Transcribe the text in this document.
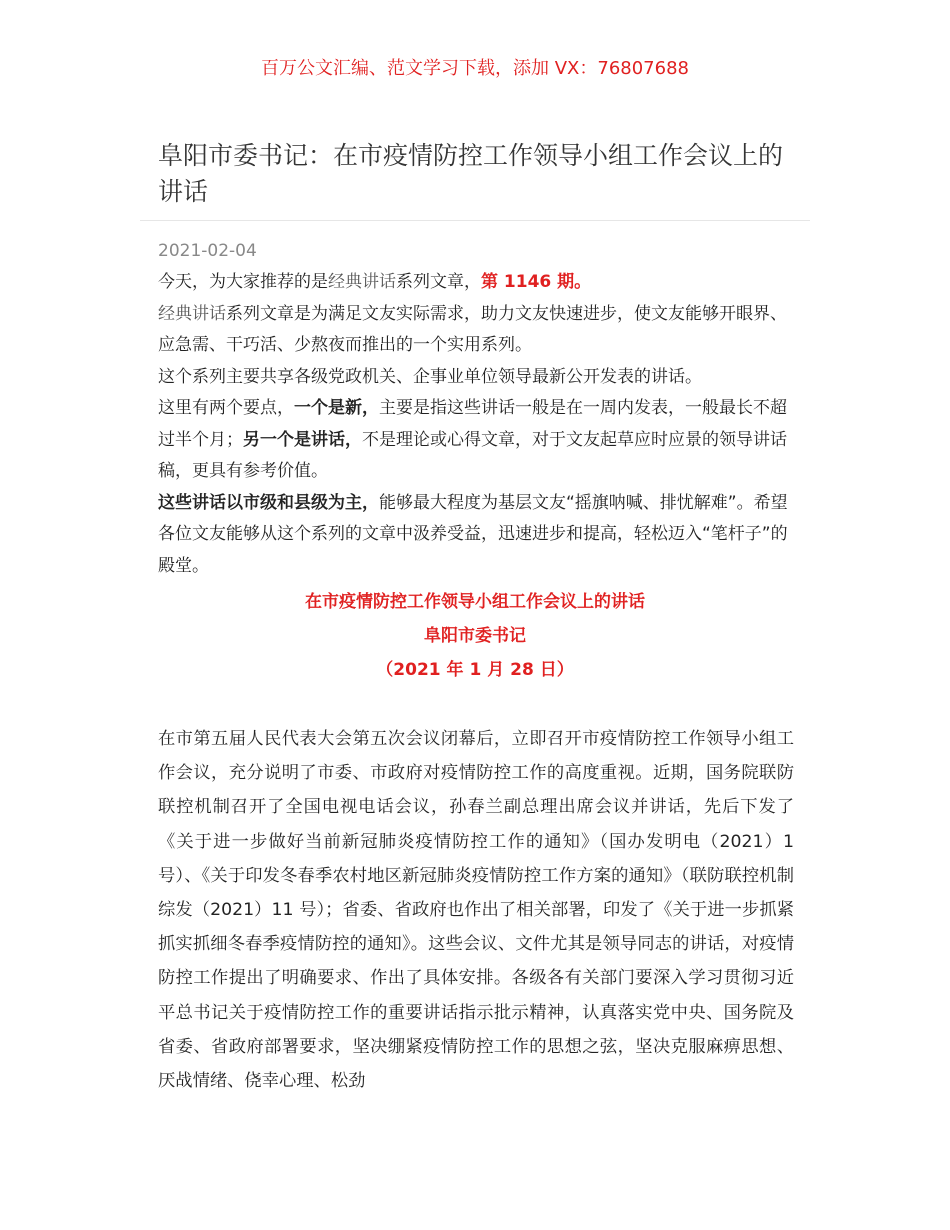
百万公文汇编、范文学习下载，添加 VX：76807688
阜阳市委书记：在市疫情防控工作领导小组工作会议上的讲话
2021-02-04

今天，为大家推荐的是经典讲话系列文章，第 1146 期。

经典讲话系列文章是为满足文友实际需求，助力文友快速进步，使文友能够开眼界、应急需、干巧活、少熬夜而推出的一个实用系列。

这个系列主要共享各级党政机关、企事业单位领导最新公开发表的讲话。

这里有两个要点，一个是新，主要是指这些讲话一般是在一周内发表，一般最长不超过半个月；另一个是讲话，不是理论或心得文章，对于文友起草应时应景的领导讲话稿，更具有参考价值。

这些讲话以市级和县级为主，能够最大程度为基层文友“摇旗呐喊、排忧解难”。希望各位文友能够从这个系列的文章中汲养受益，迅速进步和提高，轻松迈入“笔杆子”的殿堂。

在市疫情防控工作领导小组工作会议上的讲话
阜阳市委书记
（2021 年 1 月 28 日）

在市第五届人民代表大会第五次会议闭幕后，立即召开市疫情防控工作领导小组工作会议，充分说明了市委、市政府对疫情防控工作的高度重视。近期，国务院联防联控机制召开了全国电视电话会议，孙春兰副总理出席会议并讲话，先后下发了《关于进一步做好当前新冠肺炎疫情防控工作的通知》（国办发明电（2021）1 号）、《关于印发冬春季农村地区新冠肺炎疫情防控工作方案的通知》（联防联控机制综发（2021）11 号）；省委、省政府也作出了相关部署，印发了《关于进一步抓紧抓实抓细冬春季疫情防控的通知》。这些会议、文件尤其是领导同志的讲话，对疫情防控工作提出了明确要求、作出了具体安排。各级各有关部门要深入学习贯彻习近平总书记关于疫情防控工作的重要讲话指示批示精神，认真落实党中央、国务院及省委、省政府部署要求，坚决绷紧疫情防控工作的思想之弦，坚决克服麻痹思想、厌战情绪、侥幸心理、松劲
